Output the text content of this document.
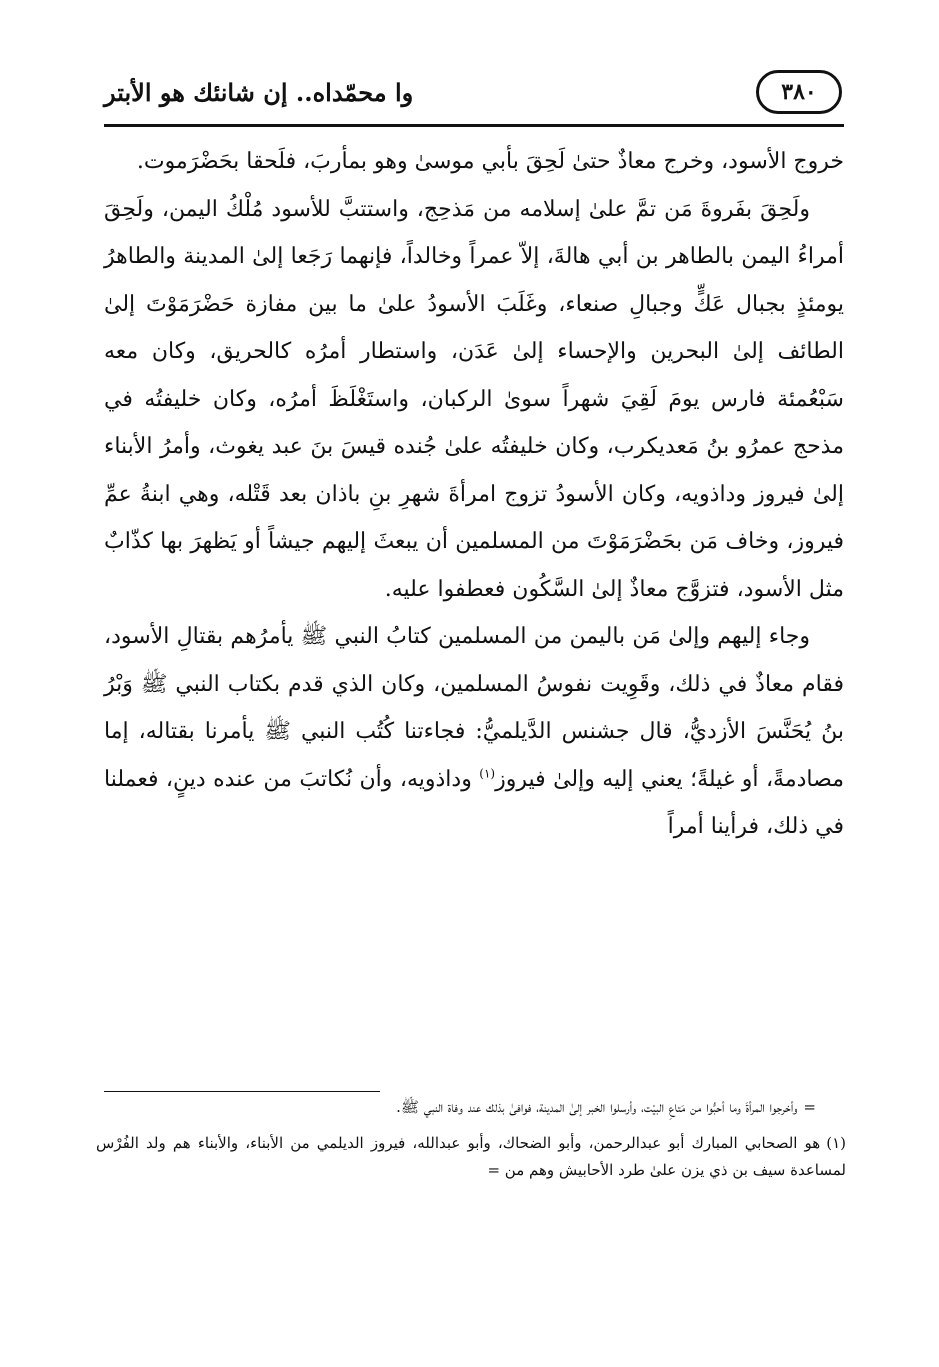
٣٨٠
وا محمّداه.. إن شانئك هو الأبتر

خروج الأسود، وخرج معاذٌ حتىٰ لَحِقَ بأبي موسىٰ وهو بمأربَ، فلَحقا بحَضْرَموت.

ولَحِقَ بفَروةَ مَن تمَّ علىٰ إسلامه من مَذحِج، واستتبَّ للأسود مُلْكُ اليمن، ولَحِقَ أمراءُ اليمن بالطاهر بن أبي هالةَ، إلاّ عمراً وخالداً، فإنهما رَجَعا إلىٰ المدينة والطاهرُ يومئذٍ بجبال عَكٍّ وجبالِ صنعاء، وغَلَبَ الأسودُ علىٰ ما بين مفازة حَضْرَمَوْتَ إلىٰ الطائف إلىٰ البحرين والإحساء إلىٰ عَدَن، واستطار أمرُه كالحريق، وكان معه سَبْعُمئة فارس يومَ لَقِيَ شهراً سوىٰ الركبان، واستَغْلَظَ أمرُه، وكان خليفتُه في مذحج عمرُو بنُ مَعديكرب، وكان خليفتُه علىٰ جُنده قيسَ بنَ عبد يغوث، وأمرُ الأبناء إلىٰ فيروز وداذويه، وكان الأسودُ تزوج امرأةَ شهرِ بنِ باذان بعد قَتْله، وهي ابنةُ عمِّ فيروز، وخاف مَن بحَضْرَمَوْتَ من المسلمين أن يبعثَ إليهم جيشاً أو يَظهرَ بها كذّابٌ مثل الأسود، فتزوَّج معاذٌ إلىٰ السَّكُون فعطفوا عليه.

وجاء إليهم وإلىٰ مَن باليمن من المسلمين كتابُ النبي ﷺ يأمرُهم بقتالِ الأسود، فقام معاذٌ في ذلك، وقَوِيت نفوسُ المسلمين، وكان الذي قدم بكتاب النبي ﷺ وَبْرُ بنُ يُحَنَّسَ الأزديُّ، قال جشنس الدَّيلميُّ: فجاءتنا كُتُب النبي ﷺ يأمرنا بقتاله، إما مصادمةً، أو غيلةً؛ يعني إليه وإلىٰ فيروز$^{(١)}$ وداذويه، وأن نُكاتبَ من عنده دينٍ، فعملنا في ذلك، فرأينا أمراً

=وأخرجوا المرأةَ وما أحبُّوا من مَتاعِ البيْت، وأرسلوا الخبر إلىٰ المدينة، فوافىٰ بذلك عند وفاة النبي ﷺ.

(١)هو الصحابي المبارك أبو عبدالرحمن، وأبو الضحاك، وأبو عبدالله، فيروز الديلمي من الأبناء، والأبناء هم ولد الفُرْس لمساعدة سيف بن ذي يزن علىٰ طرد الأحابيش وهم من =
